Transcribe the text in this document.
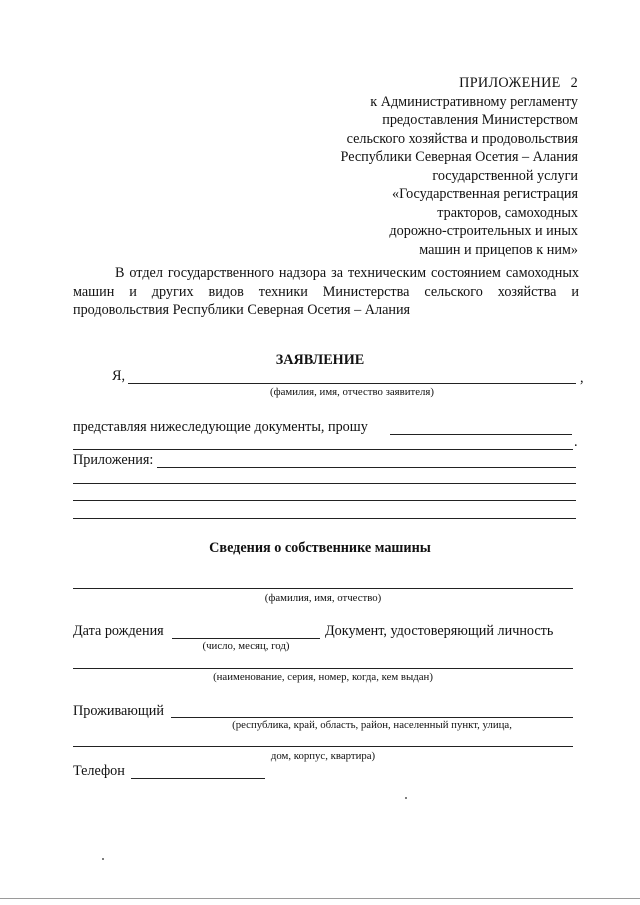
ПРИЛОЖЕНИЕ 2
к Административному регламенту
предоставления Министерством
сельского хозяйства и продовольствия
Республики Северная Осетия – Алания
государственной услуги
«Государственная регистрация
тракторов, самоходных
дорожно-строительных и иных
машин и прицепов к ним»
В отдел государственного надзора за техническим состоянием самоходных машин и других видов техники Министерства сельского хозяйства и продовольствия Республики Северная Осетия – Алания
ЗАЯВЛЕНИЕ
Я,	,
(фамилия, имя, отчество заявителя)
представляя нижеследующие документы, прошу
.
Приложения:
Сведения о собственнике машины
(фамилия, имя, отчество)
Дата рождения	Документ, удостоверяющий личность
(число, месяц, год)
(наименование, серия, номер, когда, кем выдан)
Проживающий
(республика, край, область, район, населенный пункт, улица,
дом, корпус, квартира)
Телефон
